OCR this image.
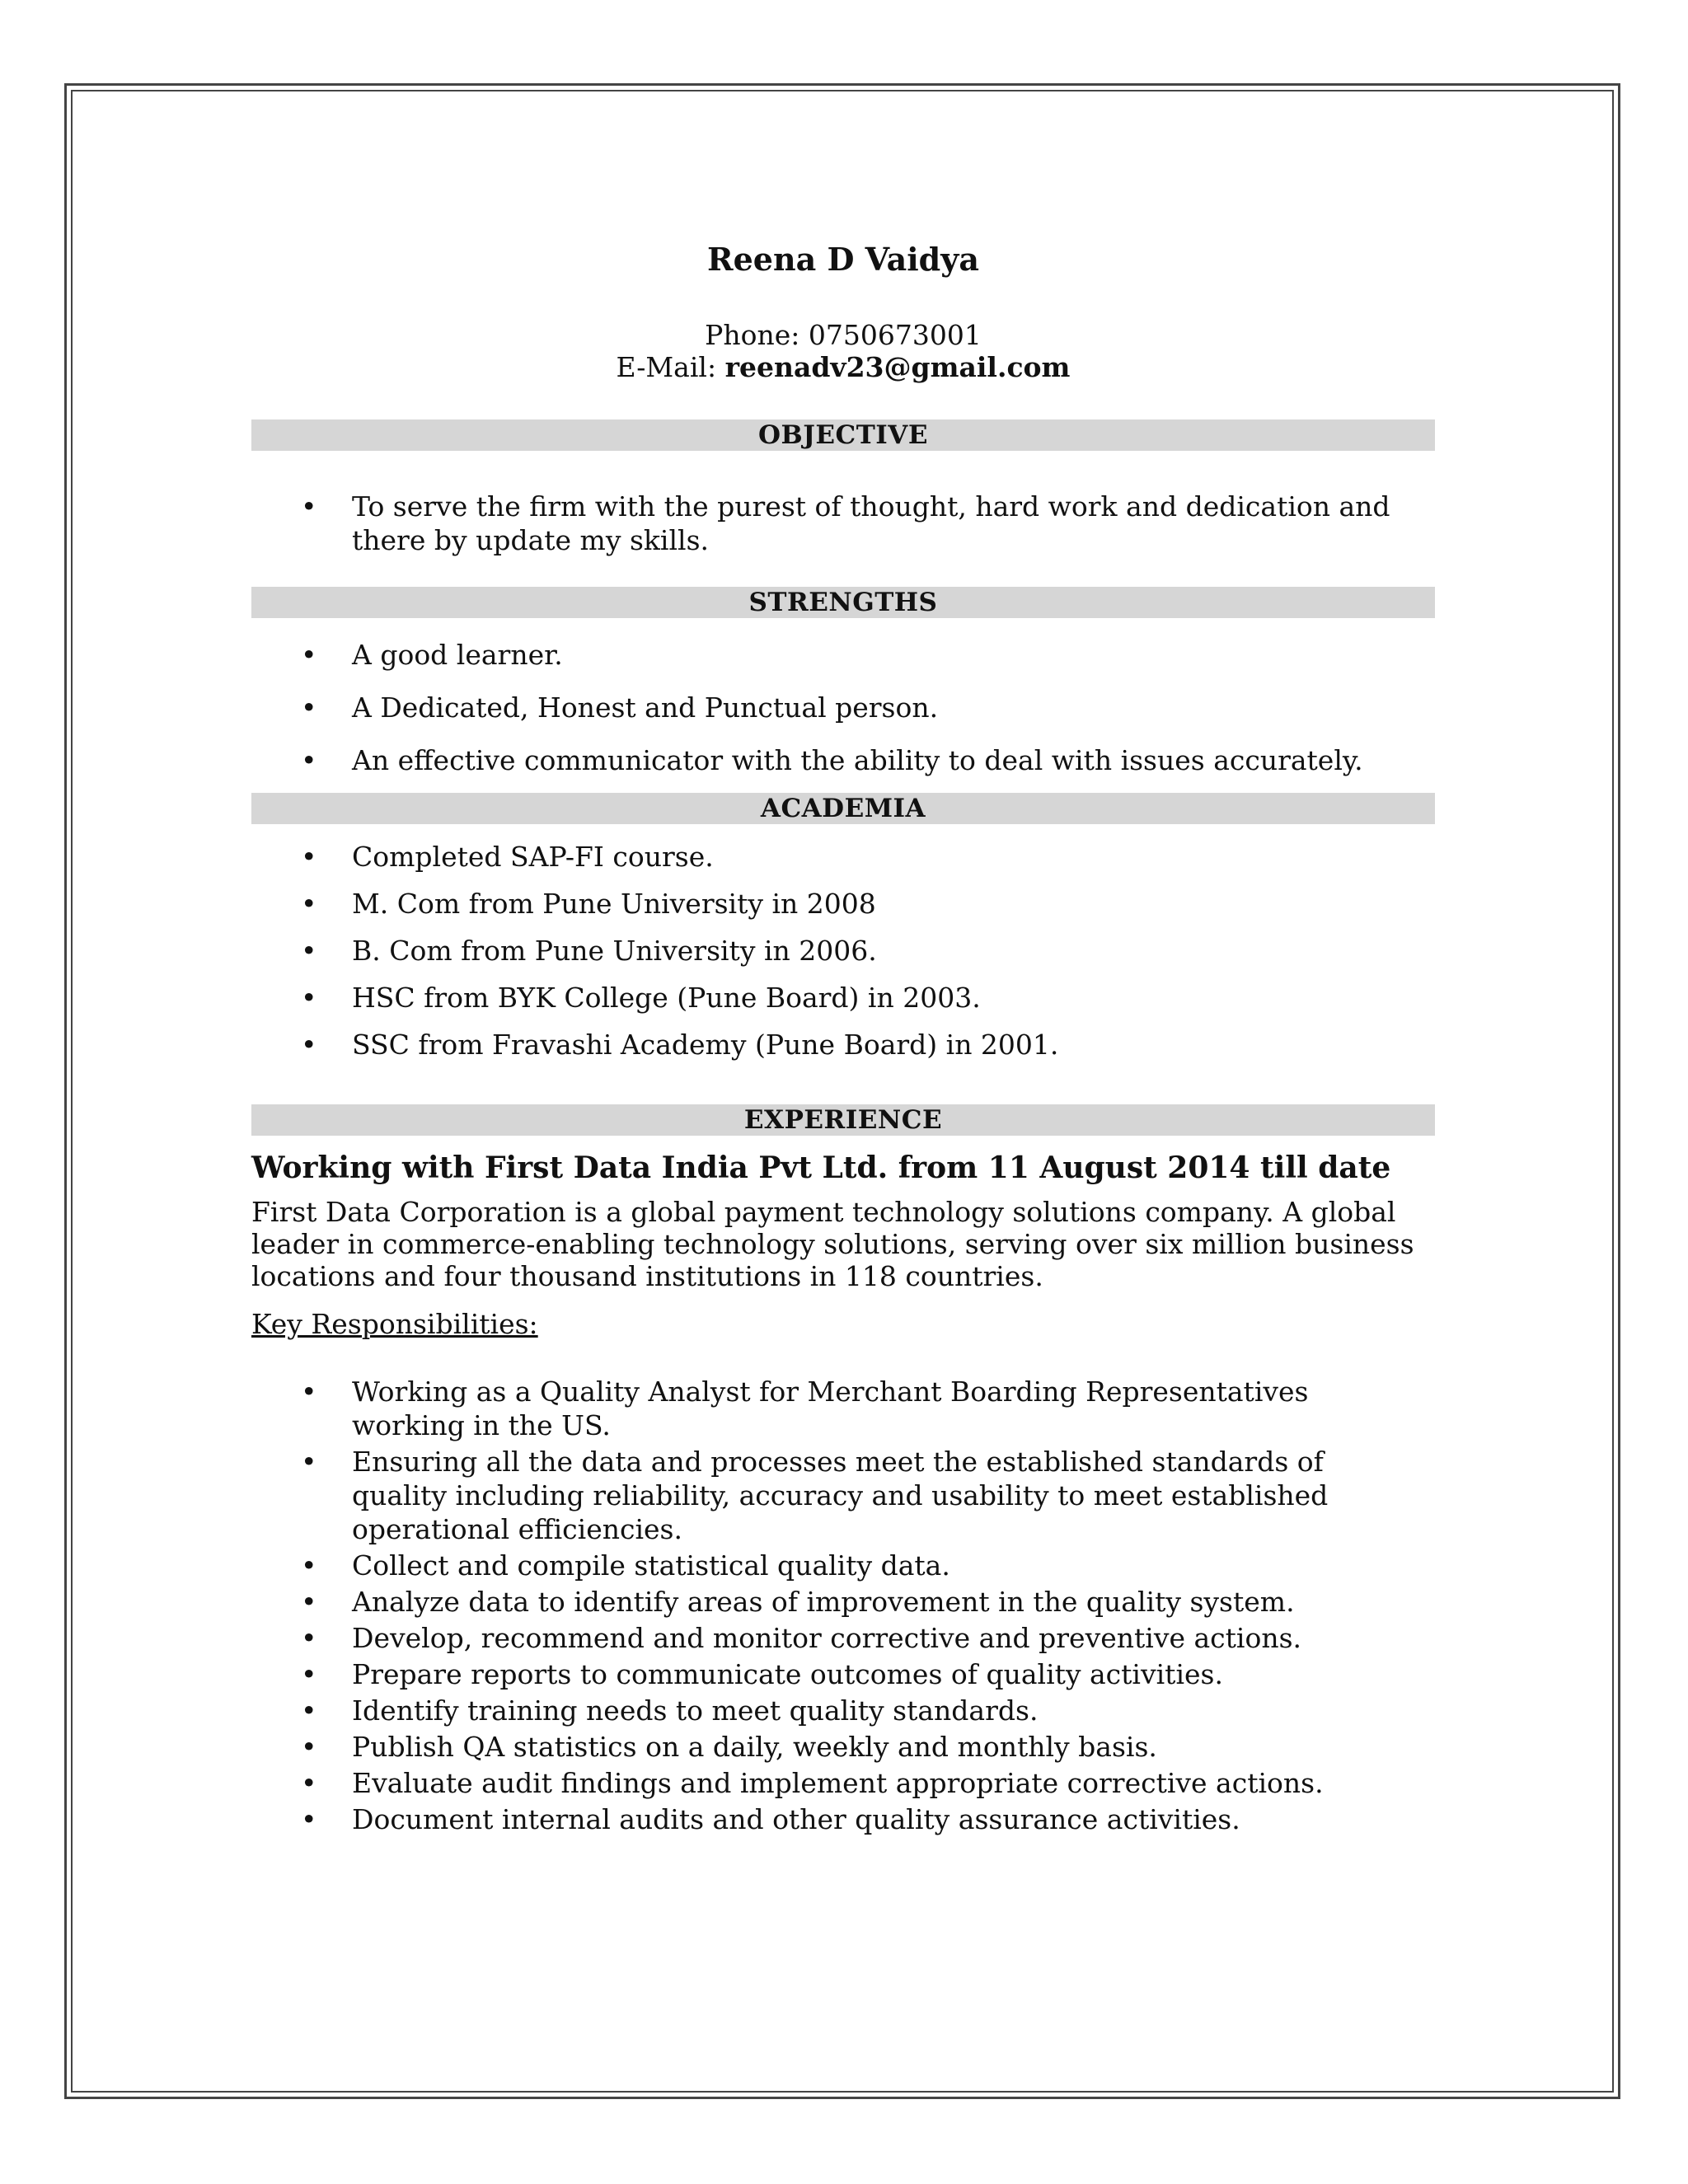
Reena D Vaidya
Phone: 0750673001
E-Mail: reenadv23@gmail.com
OBJECTIVE
• To serve the firm with the purest of thought, hard work and dedication and there by update my skills.
STRENGTHS
• A good learner.
• A Dedicated, Honest and Punctual person.
• An effective communicator with the ability to deal with issues accurately.
ACADEMIA
• Completed SAP-FI course.
• M. Com from Pune University in 2008
• B. Com from Pune University in 2006.
• HSC from BYK College (Pune Board) in 2003.
• SSC from Fravashi Academy (Pune Board) in 2001.
EXPERIENCE
Working with First Data India Pvt Ltd. from 11 August 2014 till date

First Data Corporation is a global payment technology solutions company. A global leader in commerce-enabling technology solutions, serving over six million business locations and four thousand institutions in 118 countries.

Key Responsibilities:
• Working as a Quality Analyst for Merchant Boarding Representatives working in the US.
• Ensuring all the data and processes meet the established standards of quality including reliability, accuracy and usability to meet established operational efficiencies.
• Collect and compile statistical quality data.
• Analyze data to identify areas of improvement in the quality system.
• Develop, recommend and monitor corrective and preventive actions.
• Prepare reports to communicate outcomes of quality activities.
• Identify training needs to meet quality standards.
• Publish QA statistics on a daily, weekly and monthly basis.
• Evaluate audit findings and implement appropriate corrective actions.
• Document internal audits and other quality assurance activities.
